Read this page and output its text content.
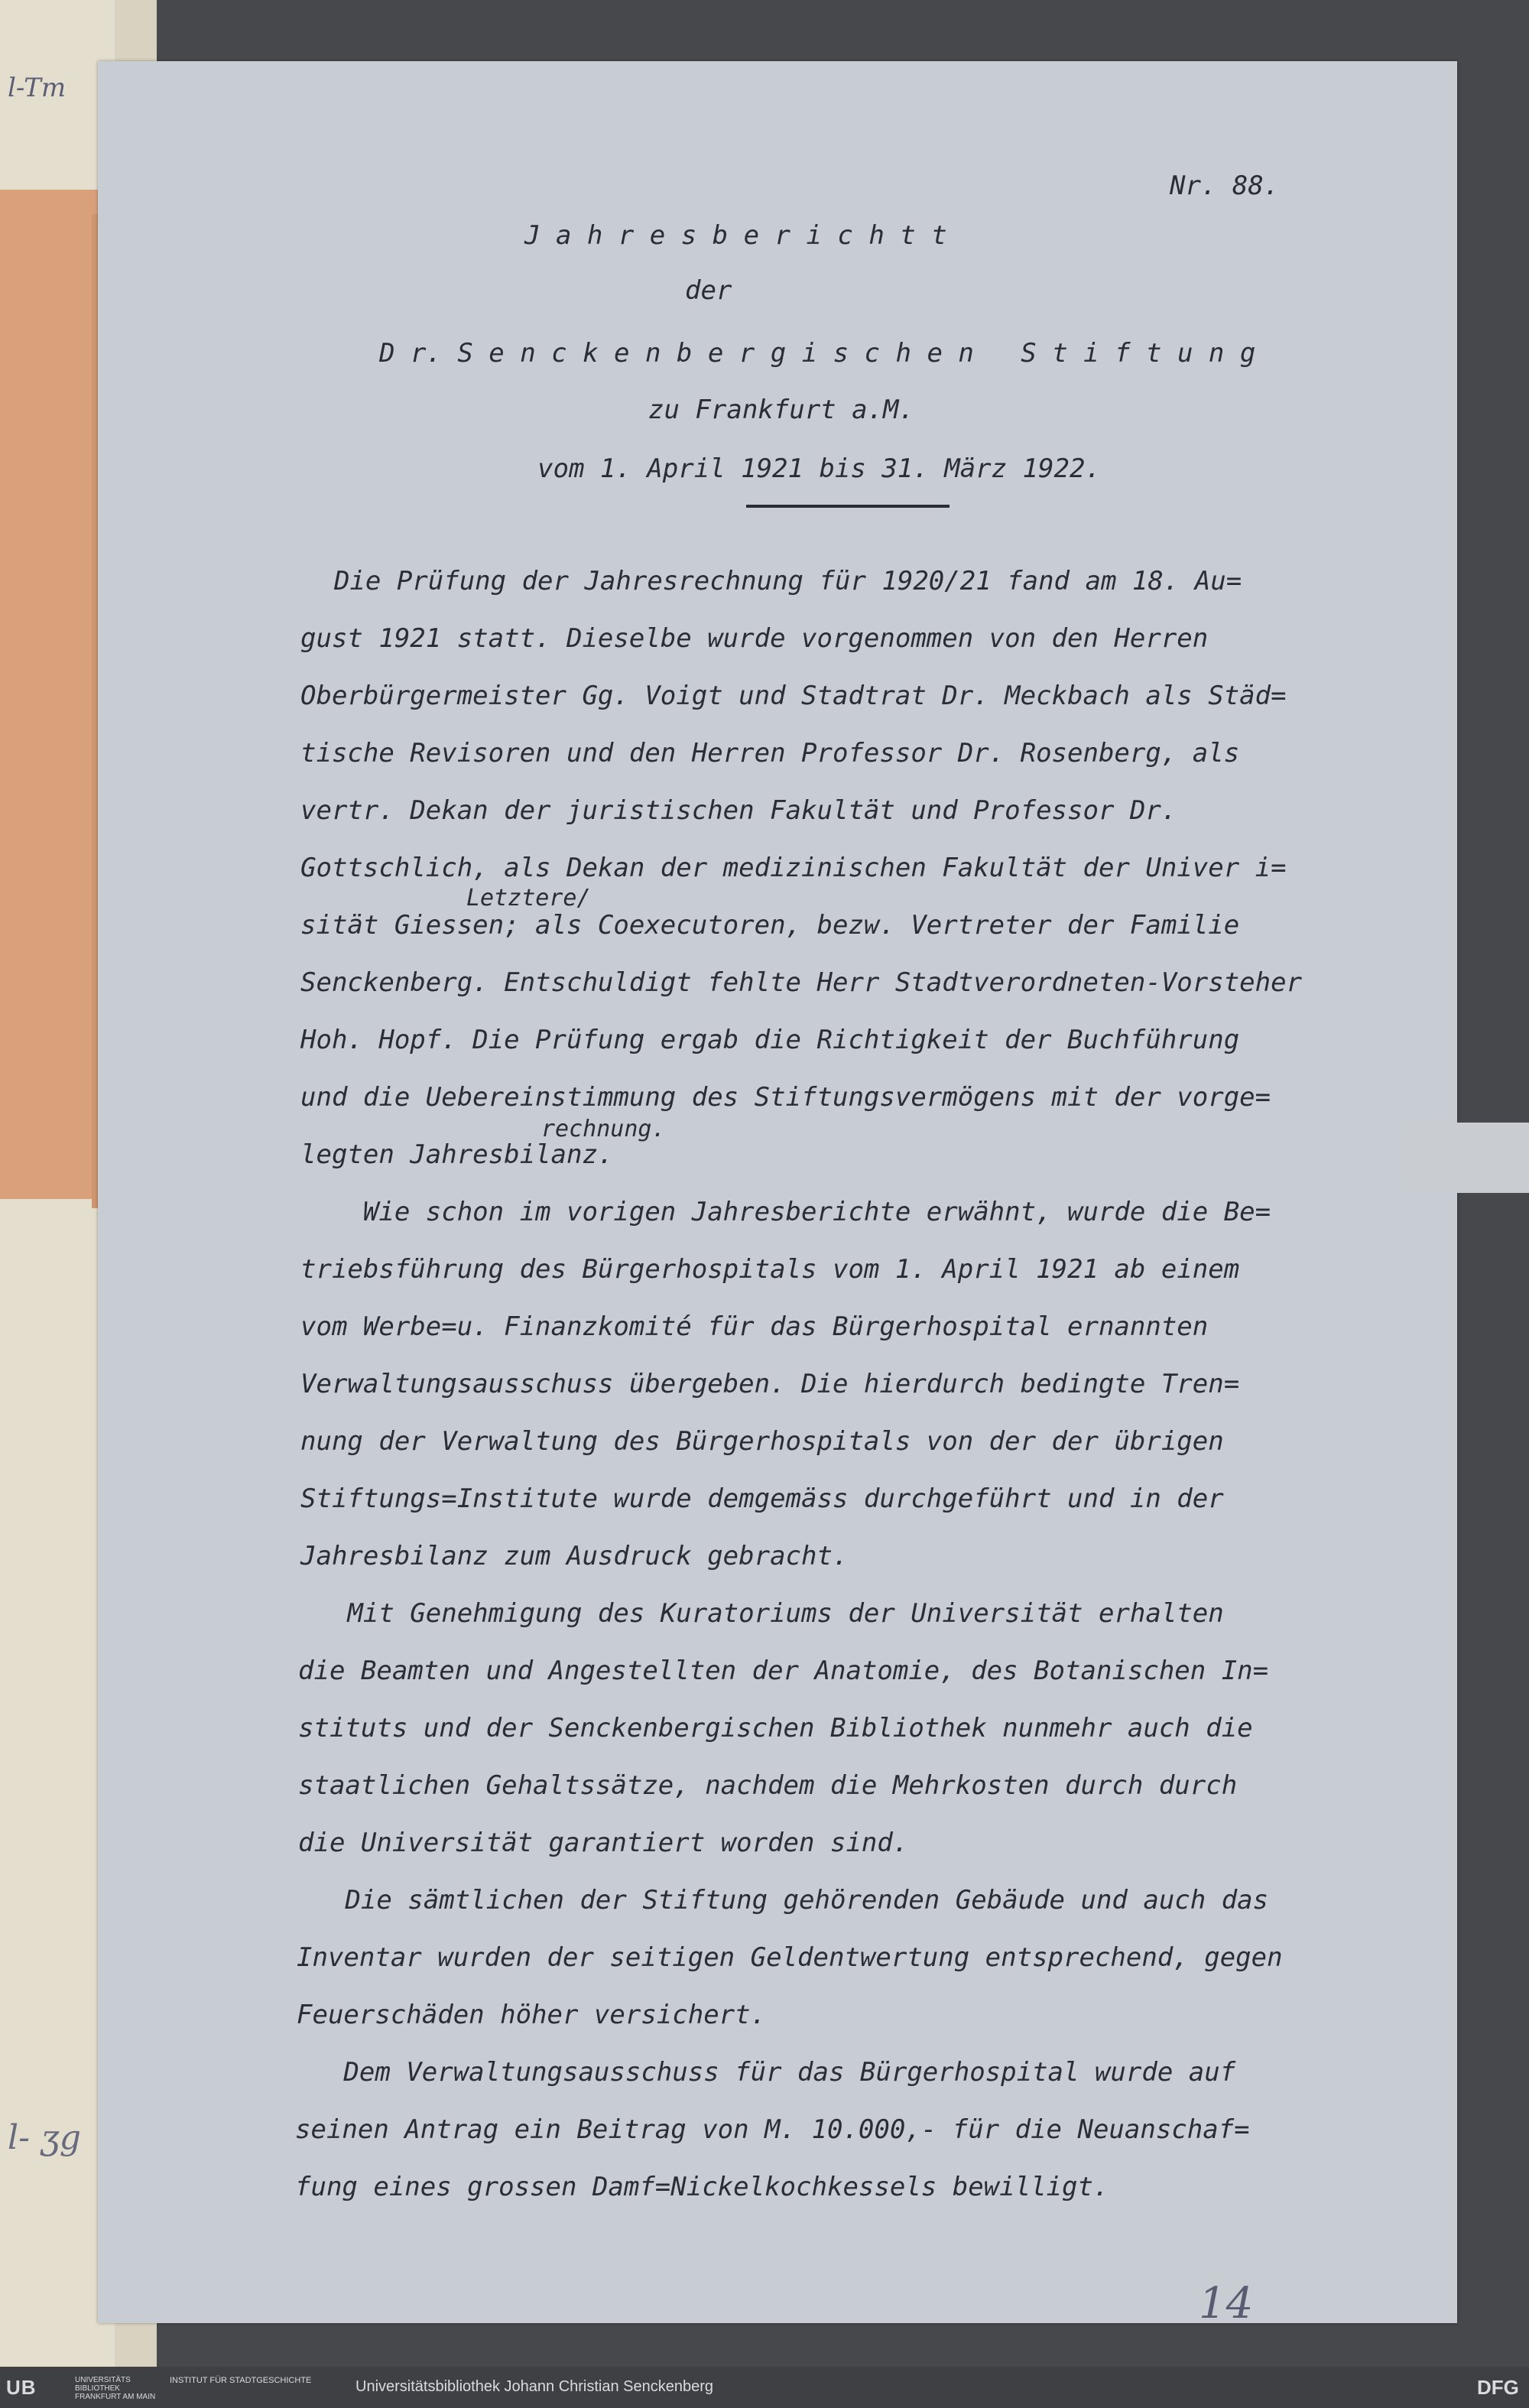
l-Tm
l- ʒg
Nr. 88.
J a h r e s b e r i c h t t
der
D r. S e n c k e n b e r g i s c h e n   S t i f t u n g
zu Frankfurt a.M.
vom 1. April 1921 bis 31. März 1922.
Die Prüfung der Jahresrechnung für 1920/21 fand am 18. Au=
gust 1921 statt. Dieselbe wurde vorgenommen von den Herren
Oberbürgermeister Gg. Voigt und Stadtrat Dr. Meckbach als Städ=
tische Revisoren und den Herren Professor Dr. Rosenberg, als
vertr. Dekan der juristischen Fakultät und Professor Dr.
Gottschlich, als Dekan der medizinischen Fakultät der Univer i=
Letztere/
sität Giessen; als Coexecutoren, bezw. Vertreter der Familie
Senckenberg. Entschuldigt fehlte Herr Stadtverordneten-Vorsteher
Hoh. Hopf. Die Prüfung ergab die Richtigkeit der Buchführung
und die Uebereinstimmung des Stiftungsvermögens mit der vorge=
rechnung.
legten Jahresbilanz.
Wie schon im vorigen Jahresberichte erwähnt, wurde die Be=
triebsführung des Bürgerhospitals vom 1. April 1921 ab einem
vom Werbe=u. Finanzkomité für das Bürgerhospital ernannten
Verwaltungsausschuss übergeben. Die hierdurch bedingte Tren=
nung der Verwaltung des Bürgerhospitals von der der übrigen
Stiftungs=Institute wurde demgemäss durchgeführt und in der
Jahresbilanz zum Ausdruck gebracht.
Mit Genehmigung des Kuratoriums der Universität erhalten
die Beamten und Angestellten der Anatomie, des Botanischen In=
stituts und der Senckenbergischen Bibliothek nunmehr auch die
staatlichen Gehaltssätze, nachdem die Mehrkosten durch durch
die Universität garantiert worden sind.
Die sämtlichen der Stiftung gehörenden Gebäude und auch das
Inventar wurden der seitigen Geldentwertung entsprechend, gegen
Feuerschäden höher versichert.
Dem Verwaltungsausschuss für das Bürgerhospital wurde auf
seinen Antrag ein Beitrag von M. 10.000,- für die Neuanschaf=
fung eines grossen Damf=Nickelkochkessels bewilligt.
14
UB	UNIVERSITÄTS BIBLIOTHEK FRANKFURT AM MAIN
INSTITUT FÜR STADTGESCHICHTE	Universitätsbibliothek Johann Christian Senckenberg	DFG
